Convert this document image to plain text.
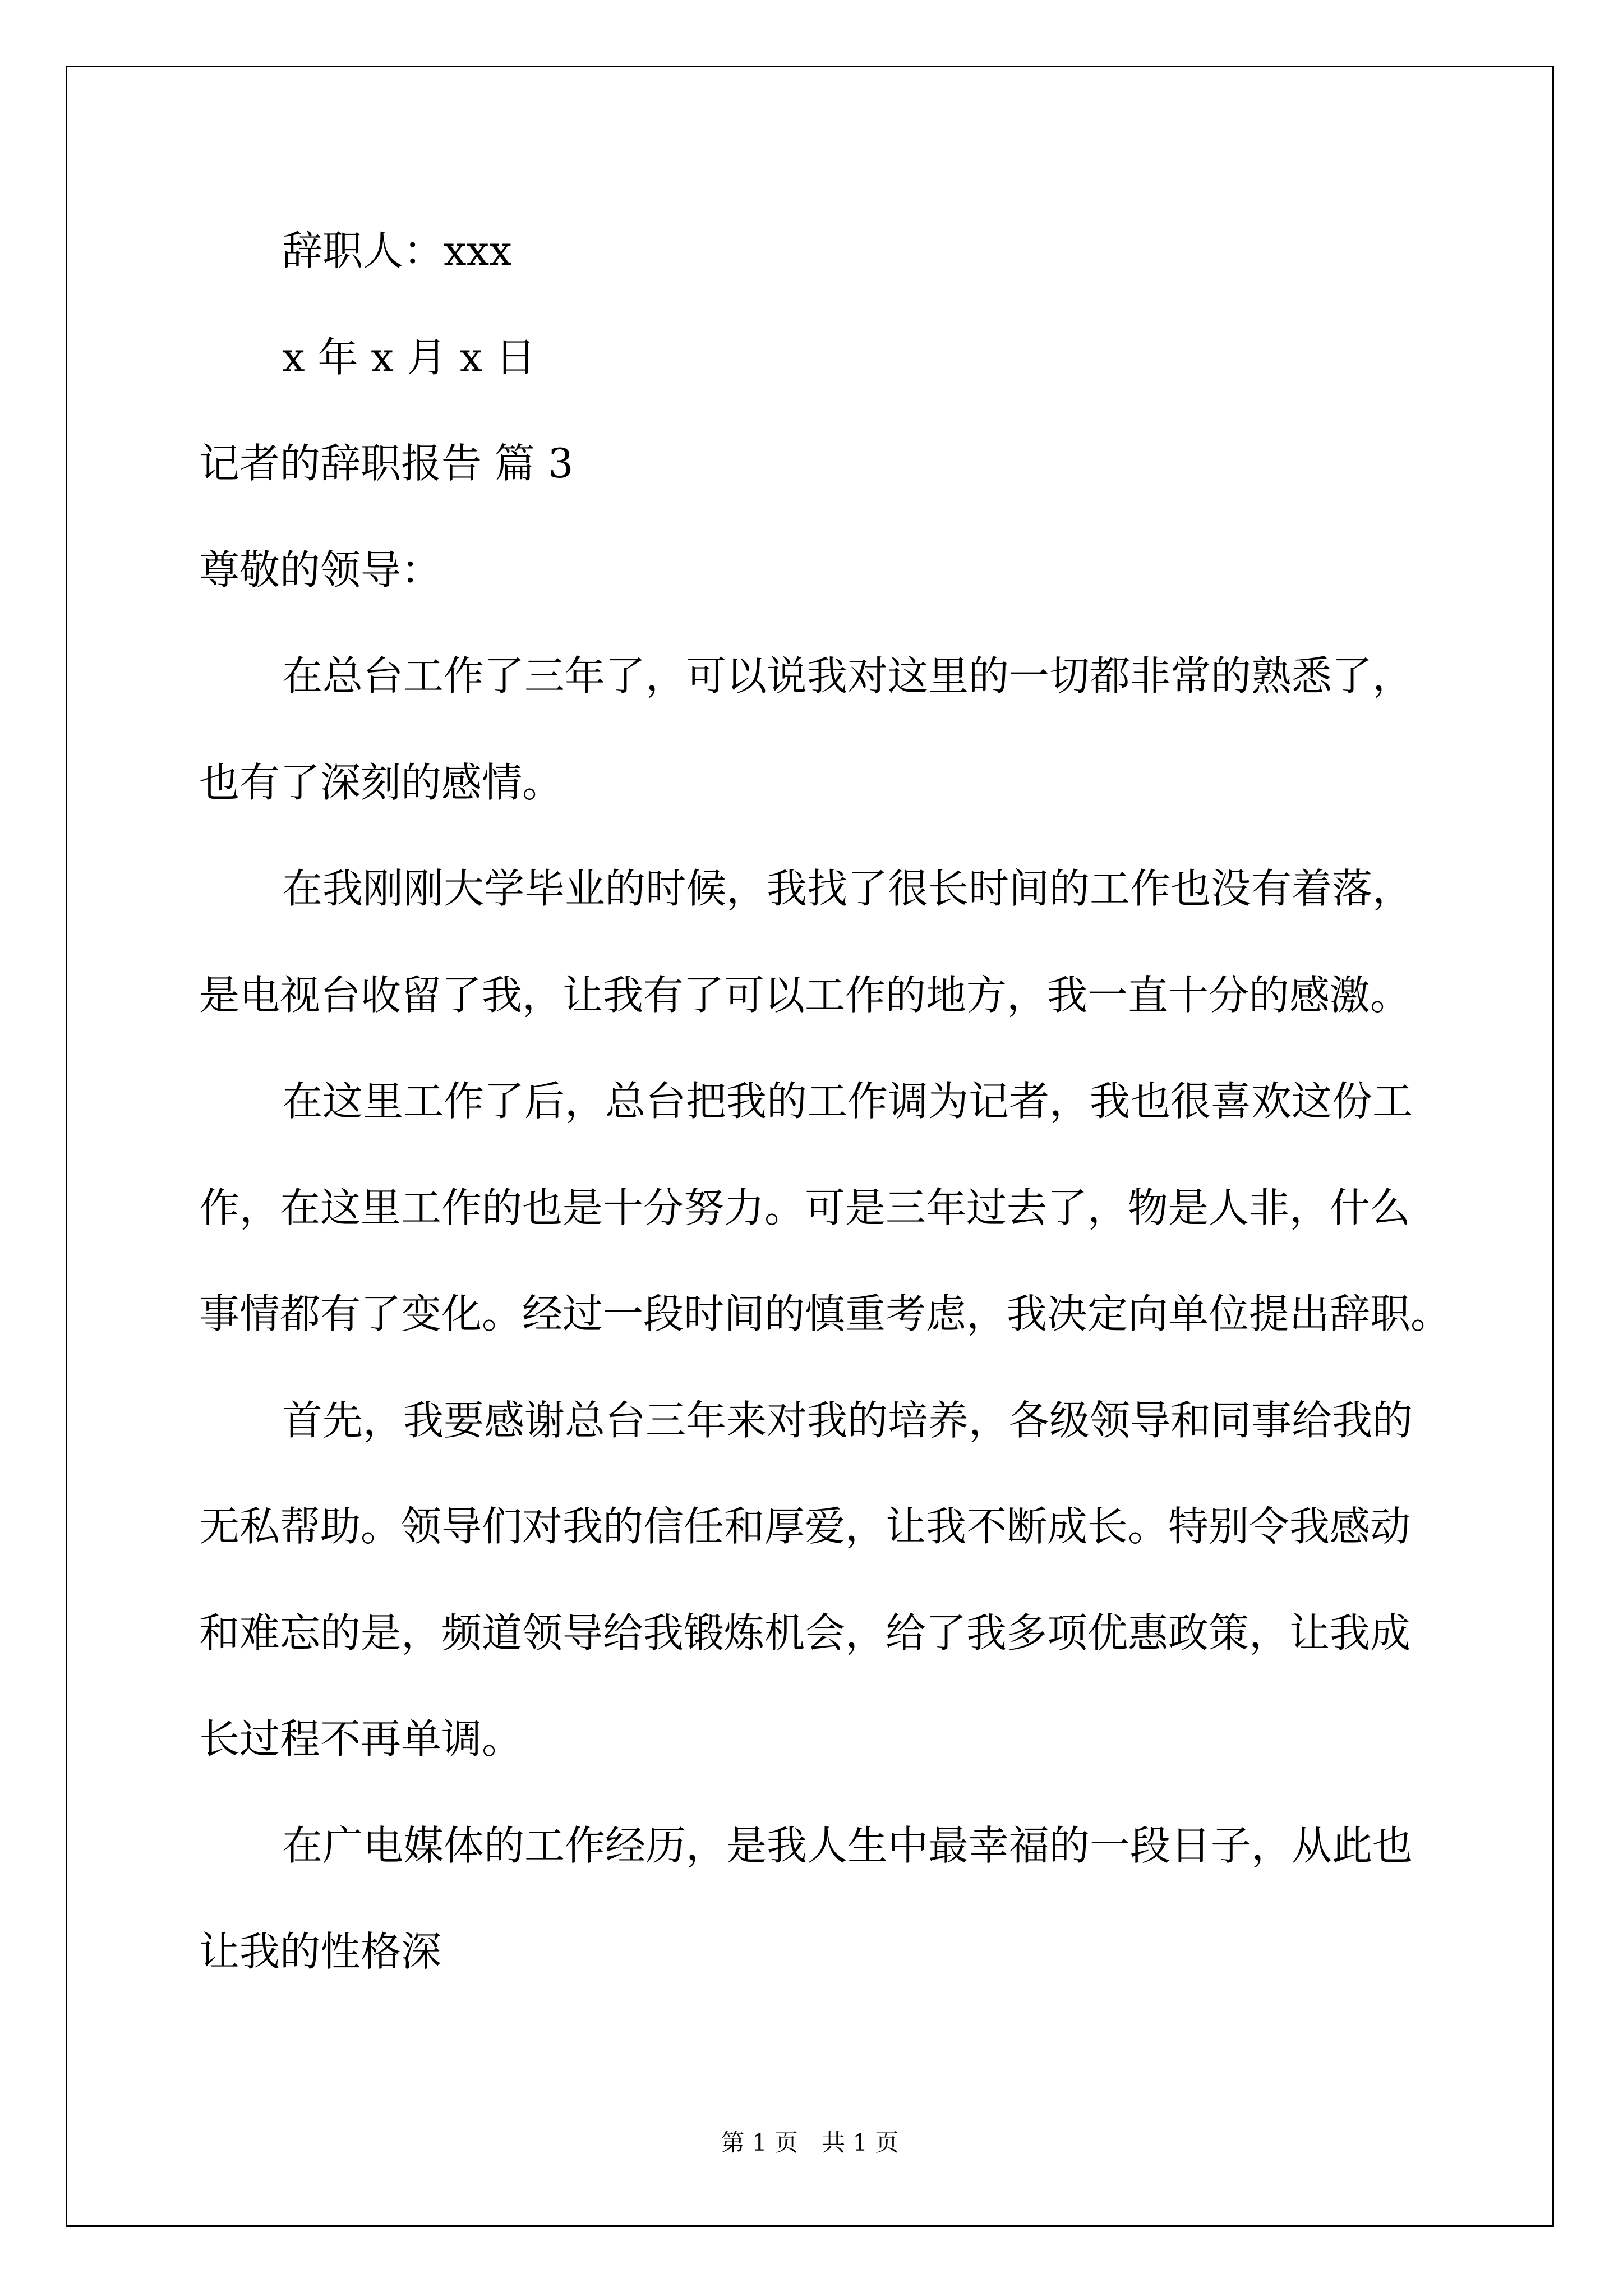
辞职人：xxx
x 年 x 月 x 日
记者的辞职报告 篇 3
尊敬的领导：
在总台工作了三年了，可以说我对这里的一切都非常的熟悉了，
也有了深刻的感情。
在我刚刚大学毕业的时候，我找了很长时间的工作也没有着落，
是电视台收留了我，让我有了可以工作的地方，我一直十分的感激。
在这里工作了后，总台把我的工作调为记者，我也很喜欢这份工
作，在这里工作的也是十分努力。可是三年过去了，物是人非，什么
事情都有了变化。经过一段时间的慎重考虑，我决定向单位提出辞职。
首先，我要感谢总台三年来对我的培养，各级领导和同事给我的
无私帮助。领导们对我的信任和厚爱，让我不断成长。特别令我感动
和难忘的是，频道领导给我锻炼机会，给了我多项优惠政策，让我成
长过程不再单调。
在广电媒体的工作经历，是我人生中最幸福的一段日子，从此也
让我的性格深
第 1 页　共 1 页
